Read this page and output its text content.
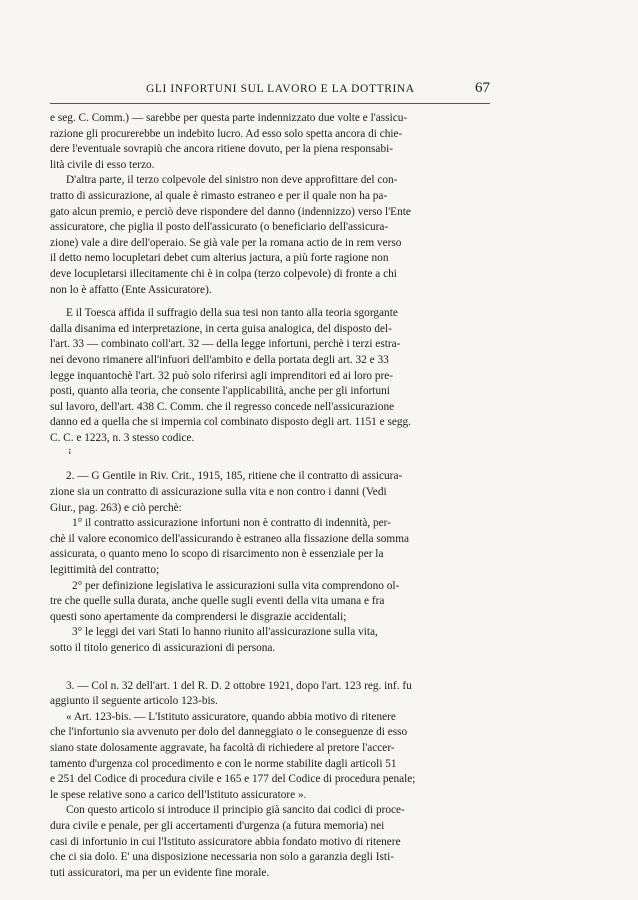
GLI INFORTUNI SUL LAVORO E LA DOTTRINA	67
e seg. C. Comm.) — sarebbe per questa parte indennizzato due volte e l'assicu-
razione gli procurerebbe un indebito lucro. Ad esso solo spetta ancora di chie-
dere l'eventuale sovrapiù che ancora ritiene dovuto, per la piena responsabi-
lità civile di esso terzo.
D'altra parte, il terzo colpevole del sinistro non deve approfittare del con-
tratto di assicurazione, al quale è rimasto estraneo e per il quale non ha pa-
gato alcun premio, e perciò deve rispondere del danno (indennizzo) verso l'Ente
assicuratore, che piglia il posto dell'assicurato (o beneficiario dell'assicura-
zione) vale a dire dell'operaio. Se già vale per la romana actio de in rem verso
il detto nemo locupletari debet cum alterius jactura, a più forte ragione non
deve locupletarsi illecitamente chi è in colpa (terzo colpevole) di fronte a chi
non lo è affatto (Ente Assicuratore).
E il Toesca affida il suffragio della sua tesi non tanto alla teoria sgorgante
dalla disanima ed interpretazione, in certa guisa analogica, del disposto del-
l'art. 33 — combinato coll'art. 32 — della legge infortuni, perchè i terzi estra-
nei devono rimanere all'infuori dell'ambito e della portata degli art. 32 e 33
legge inquantochè l'art. 32 può solo riferirsi agli imprenditori ed ai loro pre-
posti, quanto alla teoria, che consente l'applicabilità, anche per gli infortuni
sul lavoro, dell'art. 438 C. Comm. che il regresso concede nell'assicurazione
danno ed a quella che si impernia col combinato disposto degli art. 1151 e segg.
C. C. e 1223, n. 3 stesso codice.
ꜟ
2. — G Gentile in Riv. Crit., 1915, 185, ritiene che il contratto di assicura-
zione sia un contratto di assicurazione sulla vita e non contro i danni (Vedi
Giur., pag. 263) e ciò perchè:
1° il contratto assicurazione infortuni non è contratto di indennità, per-
chè il valore economico dell'assicurando è estraneo alla fissazione della somma
assicurata, o quanto meno lo scopo di risarcimento non è essenziale per la
legittimità del contratto;
2° per definizione legislativa le assicurazioni sulla vita comprendono ol-
tre che quelle sulla durata, anche quelle sugli eventi della vita umana e fra
questi sono apertamente da comprendersi le disgrazie accidentali;
3° le leggi dei vari Stati lo hanno riunito all'assicurazione sulla vita,
sotto il titolo generico di assicurazioni di persona.
3. — Col n. 32 dell'art. 1 del R. D. 2 ottobre 1921, dopo l'art. 123 reg. inf. fu
aggiunto il seguente articolo 123-bis.
« Art. 123-bis. — L'Istituto assicuratore, quando abbia motivo di ritenere
che l'infortunio sia avvenuto per dolo del danneggiato o le conseguenze di esso
siano state dolosamente aggravate, ha facoltà di richiedere al pretore l'accer-
tamento d'urgenza col procedimento e con le norme stabilite dagli articoli 51
e 251 del Codice di procedura civile e 165 e 177 del Codice di procedura penale;
le spese relative sono a carico dell'Istituto assicuratore ».
Con questo articolo si introduce il principio già sancito dai codici di proce-
dura civile e penale, per gli accertamenti d'urgenza (a futura memoria) nei
casi di infortunio in cui l'Istituto assicuratore abbia fondato motivo di ritenere
che ci sia dolo. E' una disposizione necessaria non solo a garanzia degli Isti-
tuti assicuratori, ma per un evidente fine morale.
